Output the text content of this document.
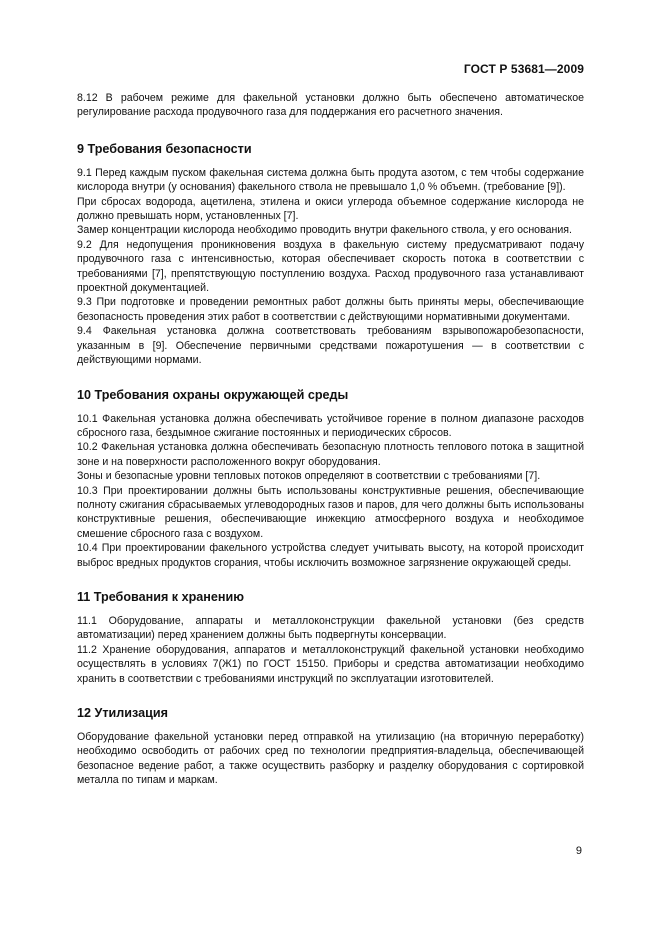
ГОСТ Р 53681—2009

8.12 В рабочем режиме для факельной установки должно быть обеспечено автоматическое регулирование расхода продувочного газа для поддержания его расчетного значения.

9 Требования безопасности

9.1 Перед каждым пуском факельная система должна быть продута азотом, с тем чтобы содержание кислорода внутри (у основания) факельного ствола не превышало 1,0 % объемн. (требование [9]).

При сбросах водорода, ацетилена, этилена и окиси углерода объемное содержание кислорода не должно превышать норм, установленных [7].

Замер концентрации кислорода необходимо проводить внутри факельного ствола, у его основания.

9.2 Для недопущения проникновения воздуха в факельную систему предусматривают подачу продувочного газа с интенсивностью, которая обеспечивает скорость потока в соответствии с требованиями [7], препятствующую поступлению воздуха. Расход продувочного газа устанавливают проектной документацией.

9.3 При подготовке и проведении ремонтных работ должны быть приняты меры, обеспечивающие безопасность проведения этих работ в соответствии с действующими нормативными документами.

9.4 Факельная установка должна соответствовать требованиям взрывопожаробезопасности, указанным в [9]. Обеспечение первичными средствами пожаротушения — в соответствии с действующими нормами.

10 Требования охраны окружающей среды

10.1 Факельная установка должна обеспечивать устойчивое горение в полном диапазоне расходов сбросного газа, бездымное сжигание постоянных и периодических сбросов.

10.2 Факельная установка должна обеспечивать безопасную плотность теплового потока в защитной зоне и на поверхности расположенного вокруг оборудования.

Зоны и безопасные уровни тепловых потоков определяют в соответствии с требованиями [7].

10.3 При проектировании должны быть использованы конструктивные решения, обеспечивающие полноту сжигания сбрасываемых углеводородных газов и паров, для чего должны быть использованы конструктивные решения, обеспечивающие инжекцию атмосферного воздуха и необходимое смешение сбросного газа с воздухом.

10.4 При проектировании факельного устройства следует учитывать высоту, на которой происходит выброс вредных продуктов сгорания, чтобы исключить возможное загрязнение окружающей среды.

11 Требования к хранению

11.1 Оборудование, аппараты и металлоконструкции факельной установки (без средств автоматизации) перед хранением должны быть подвергнуты консервации.

11.2 Хранение оборудования, аппаратов и металлоконструкций факельной установки необходимо осуществлять в условиях 7(Ж1) по ГОСТ 15150. Приборы и средства автоматизации необходимо хранить в соответствии с требованиями инструкций по эксплуатации изготовителей.

12 Утилизация

Оборудование факельной установки перед отправкой на утилизацию (на вторичную переработку) необходимо освободить от рабочих сред по технологии предприятия-владельца, обеспечивающей безопасное ведение работ, а также осуществить разборку и разделку оборудования с сортировкой металла по типам и маркам.

9
